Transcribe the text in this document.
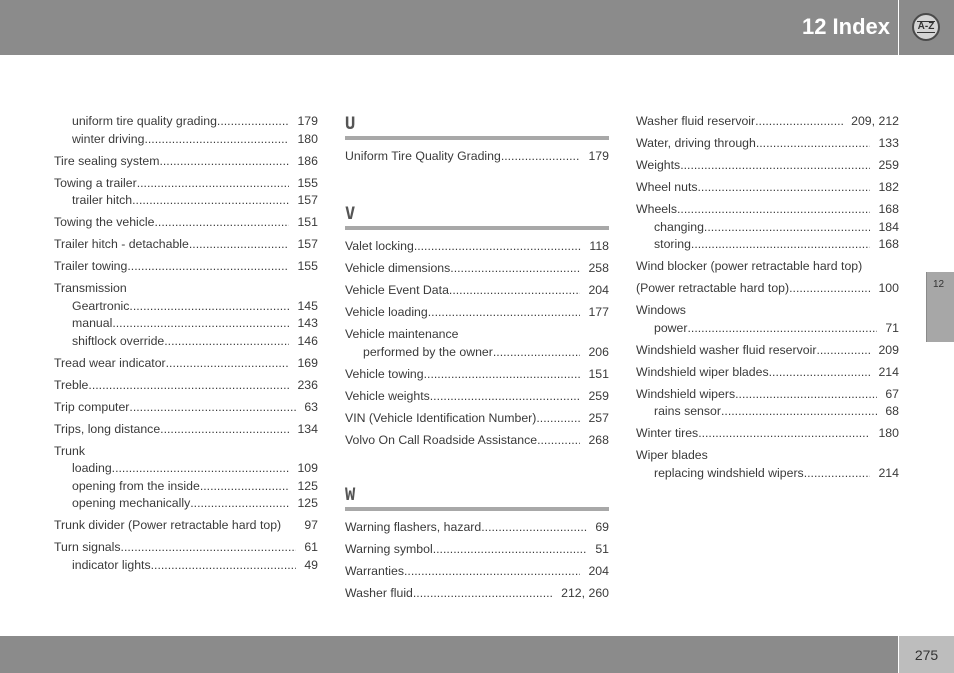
12 Index	A-Z
uniform tire quality grading .....	179
winter driving .....	180
Tire sealing system .....	186
Towing a trailer .....	155
trailer hitch .....	157
Towing the vehicle .....	151
Trailer hitch - detachable .....	157
Trailer towing .....	155
Transmission
Geartronic .....	145
manual .....	143
shiftlock override .....	146
Tread wear indicator .....	169
Treble .....	236
Trip computer .....	63
Trips, long distance .....	134
Trunk
loading .....	109
opening from the inside .....	125
opening mechanically .....	125
Trunk divider (Power retractable hard top)	97
Turn signals .....	61
indicator lights .....	49
U
Uniform Tire Quality Grading .....	179
V
Valet locking .....	118
Vehicle dimensions .....	258
Vehicle Event Data .....	204
Vehicle loading .....	177
Vehicle maintenance
performed by the owner .....	206
Vehicle towing .....	151
Vehicle weights .....	259
VIN (Vehicle Identification Number) .....	257
Volvo On Call Roadside Assistance .....	268
W
Warning flashers, hazard .....	69
Warning symbol .....	51
Warranties .....	204
Washer fluid .....	212, 260
Washer fluid reservoir .....	209, 212
Water, driving through .....	133
Weights .....	259
Wheel nuts .....	182
Wheels .....	168
changing .....	184
storing .....	168
Wind blocker (power retractable hard top)
(Power retractable hard top) .....	100
Windows
power .....	71
Windshield washer fluid reservoir .....	209
Windshield wiper blades .....	214
Windshield wipers .....	67
rains sensor .....	68
Winter tires .....	180
Wiper blades
replacing windshield wipers .....	214
12
275
